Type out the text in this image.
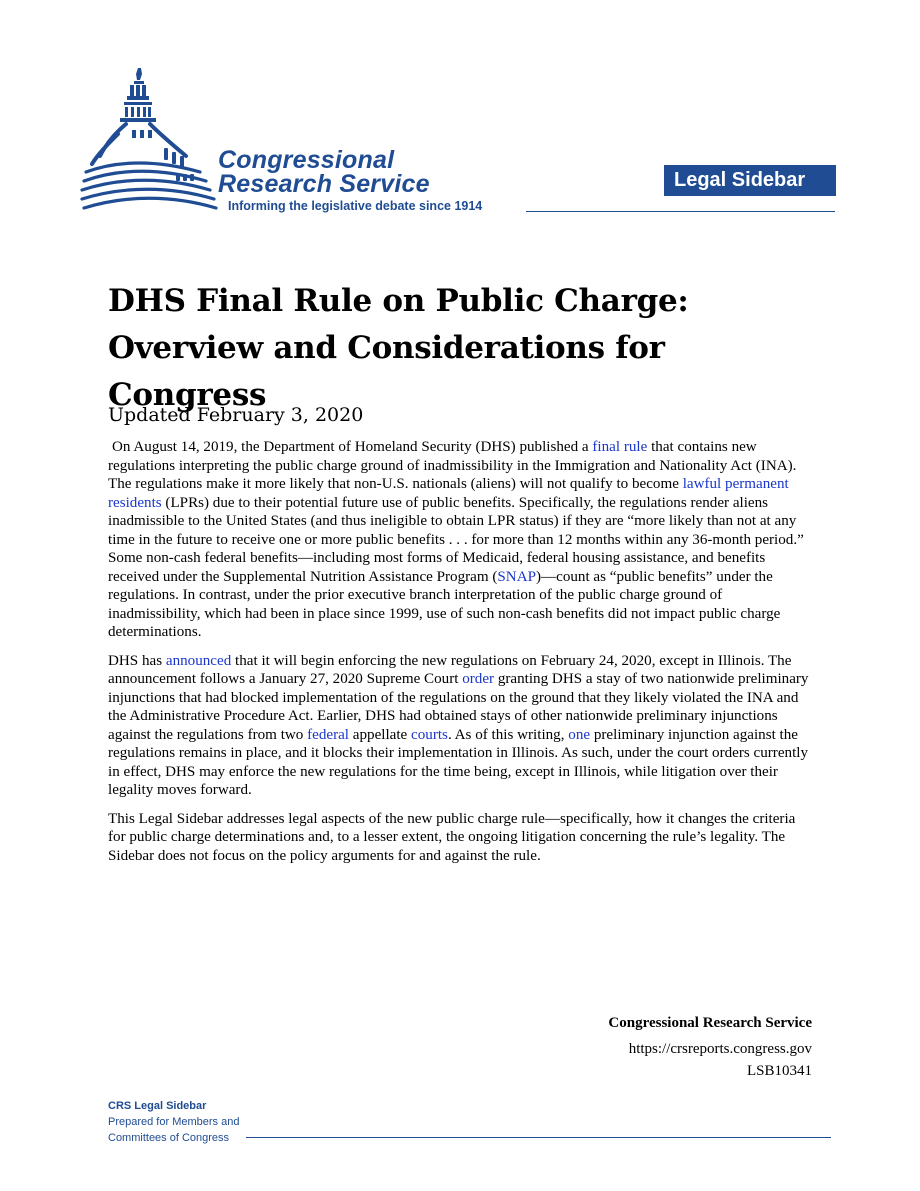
Congressional

Research Service

Informing the legislative debate since 1914
Legal Sidebar
DHS Final Rule on Public Charge: Overview and Considerations for Congress

Updated February 3, 2020

On August 14, 2019, the Department of Homeland Security (DHS) published a final rule that contains new regulations interpreting the public charge ground of inadmissibility in the Immigration and Nationality Act (INA). The regulations make it more likely that non-U.S. nationals (aliens) will not qualify to become lawful permanent residents (LPRs) due to their potential future use of public benefits. Specifically, the regulations render aliens inadmissible to the United States (and thus ineligible to obtain LPR status) if they are “more likely than not at any time in the future to receive one or more public benefits . . . for more than 12 months within any 36-month period.” Some non-cash federal benefits—including most forms of Medicaid, federal housing assistance, and benefits received under the Supplemental Nutrition Assistance Program (SNAP)—count as “public benefits” under the regulations. In contrast, under the prior executive branch interpretation of the public charge ground of inadmissibility, which had been in place since 1999, use of such non-cash benefits did not impact public charge determinations.

DHS has announced that it will begin enforcing the new regulations on February 24, 2020, except in Illinois. The announcement follows a January 27, 2020 Supreme Court order granting DHS a stay of two nationwide preliminary injunctions that had blocked implementation of the regulations on the ground that they likely violated the INA and the Administrative Procedure Act. Earlier, DHS had obtained stays of other nationwide preliminary injunctions against the regulations from two federal appellate courts. As of this writing, one preliminary injunction against the regulations remains in place, and it blocks their implementation in Illinois. As such, under the court orders currently in effect, DHS may enforce the new regulations for the time being, except in Illinois, while litigation over their legality moves forward.

This Legal Sidebar addresses legal aspects of the new public charge rule—specifically, how it changes the criteria for public charge determinations and, to a lesser extent, the ongoing litigation concerning the rule’s legality. The Sidebar does not focus on the policy arguments for and against the rule.

Congressional Research Service
https://crsreports.congress.gov
LSB10341
CRS Legal Sidebar
Prepared for Members and
Committees of Congress
